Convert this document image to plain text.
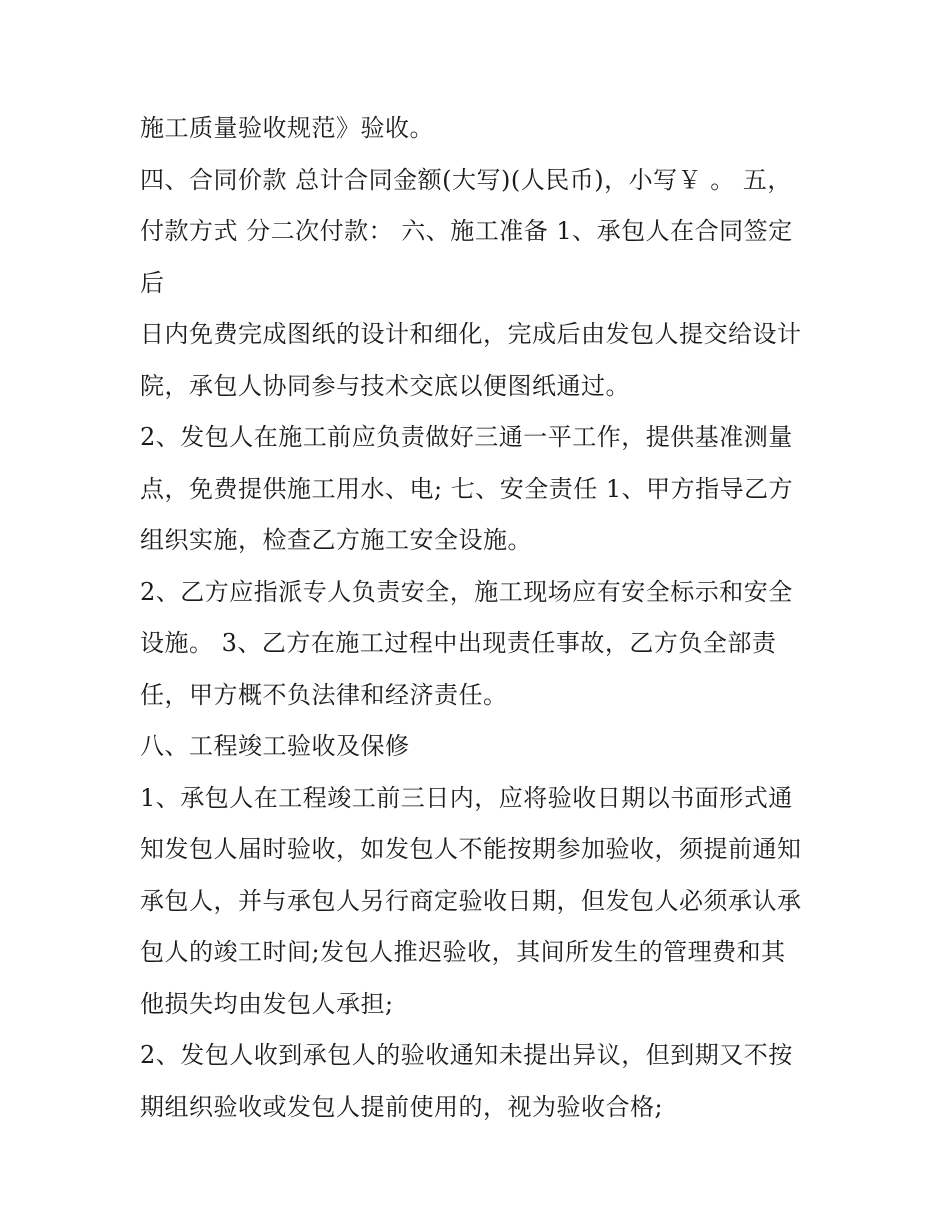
施工质量验收规范》验收。
四、合同价款 总计合同金额(大写)(人民币)，小写￥ 。 五，
付款方式 分二次付款： 六、施工准备 1、承包人在合同签定
后
日内免费完成图纸的设计和细化，完成后由发包人提交给设计
院，承包人协同参与技术交底以便图纸通过。
2、发包人在施工前应负责做好三通一平工作，提供基准测量
点，免费提供施工用水、电; 七、安全责任 1、甲方指导乙方
组织实施，检查乙方施工安全设施。
2、乙方应指派专人负责安全，施工现场应有安全标示和安全
设施。 3、乙方在施工过程中出现责任事故，乙方负全部责
任，甲方概不负法律和经济责任。
八、工程竣工验收及保修
1、承包人在工程竣工前三日内，应将验收日期以书面形式通
知发包人届时验收，如发包人不能按期参加验收，须提前通知
承包人，并与承包人另行商定验收日期，但发包人必须承认承
包人的竣工时间;发包人推迟验收，其间所发生的管理费和其
他损失均由发包人承担;
2、发包人收到承包人的验收通知未提出异议，但到期又不按
期组织验收或发包人提前使用的，视为验收合格;
